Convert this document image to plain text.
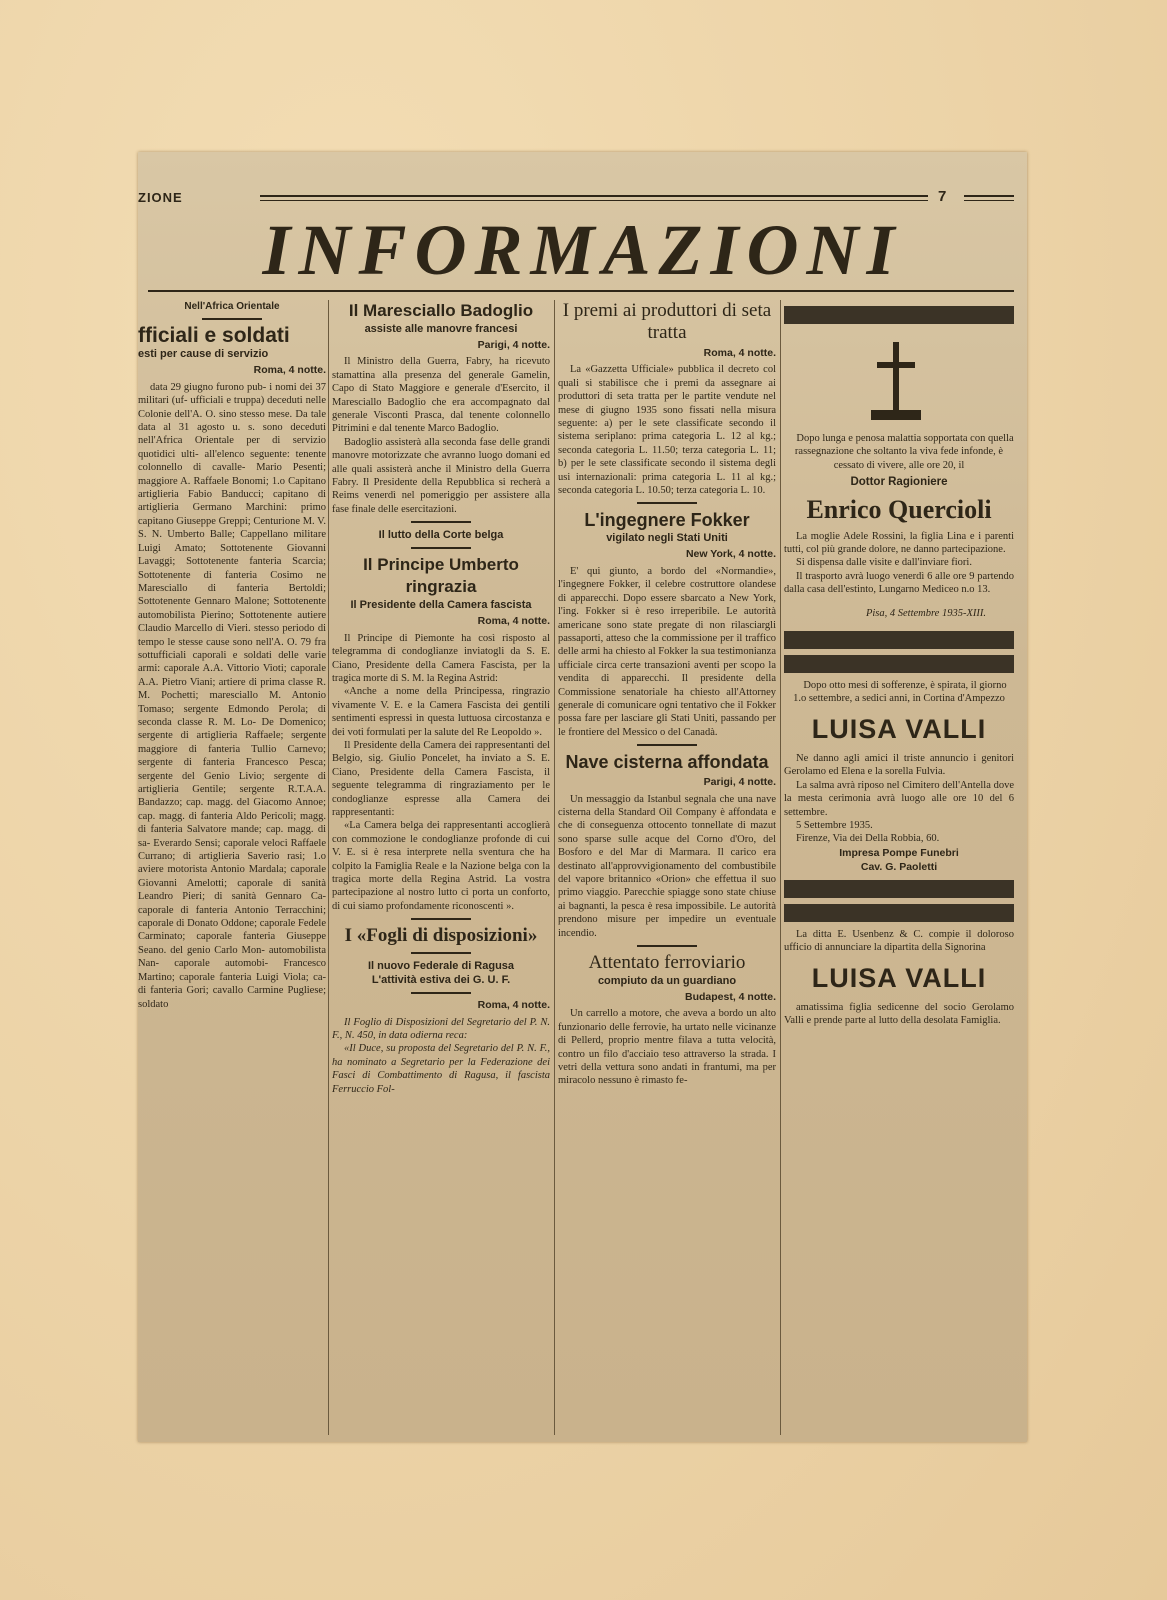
ZIONE	7
INFORMAZIONI
Nell'Africa Orientale
fficiali e soldati
esti per cause di servizio
Roma, 4 notte.

data 29 giugno furono pub- i nomi dei 37 militari (uf- ufficiali e truppa) deceduti nelle Colonie dell'A. O. sino stesso mese. Da tale data al 31 agosto u. s. sono deceduti nell'Africa Orientale per di servizio quotidici ulti- all'elenco seguente: tenente colonnello di cavalle- Mario Pesenti; maggiore A. Raffaele Bonomi; 1.o Capitano artiglieria Fabio Banducci; capitano di artiglieria Germano Marchini: primo capitano Giuseppe Greppi; Centurione M. V. S. N. Umberto Balle; Cappellano militare Luigi Amato; Sottotenente Giovanni Lavaggi; Sottotenente fanteria Scarcia; Sottotenente di fanteria Cosimo ne Maresciallo di fanteria Bertoldi; Sottotenente Gennaro Malone; Sottotenente automobilista Pierino; Sottotenente autiere Claudio Marcello di Vieri. stesso periodo di tempo le stesse cause sono nell'A. O. 79 fra sottufficiali caporali e soldati delle varie armi: caporale A.A. Vittorio Vioti; caporale A.A. Pietro Viani; artiere di prima classe R. M. Pochetti; maresciallo M. Antonio Tomaso; sergente Edmondo Perola; di seconda classe R. M. Lo- De Domenico; sergente di artiglieria Raffaele; sergente maggiore di fanteria Tullio Carnevo; sergente di fanteria Francesco Pesca; sergente del Genio Livio; sergente di artiglieria Gentile; sergente R.T.A.A. Bandazzo; cap. magg. del Giacomo Annoe; cap. magg. di fanteria Aldo Pericoli; magg. di fanteria Salvatore mande; cap. magg. di sa- Everardo Sensi; caporale veloci Raffaele Currano; di artiglieria Saverio rasi; 1.o aviere motorista Antonio Mardala; caporale Giovanni Amelotti; caporale di sanità Leandro Pieri; di sanità Gennaro Ca- caporale di fanteria Antonio Terracchini; caporale di Donato Oddone; caporale Fedele Carminato; caporale fanteria Giuseppe Seano. del genio Carlo Mon- automobilista Nan- caporale automobi- Francesco Martino; caporale fanteria Luigi Viola; ca- di fanteria Gori; cavallo Carmine Pugliese; soldato

Il Maresciallo Badoglio
assiste alle manovre francesi
Parigi, 4 notte.

Il Ministro della Guerra, Fabry, ha ricevuto stamattina alla presenza del generale Gamelin, Capo di Stato Maggiore e generale d'Esercito, il Maresciallo Badoglio che era accompagnato dal generale Visconti Prasca, dal tenente colonnello Pitrimini e dal tenente Marco Badoglio.

Badoglio assisterà alla seconda fase delle grandi manovre motorizzate che avranno luogo domani ed alle quali assisterà anche il Ministro della Guerra Fabry. Il Presidente della Repubblica si recherà a Reims venerdì nel pomeriggio per assistere alla fase finale delle esercitazioni.

Il lutto della Corte belga
Il Principe Umberto ringrazia
Il Presidente della Camera fascista
Roma, 4 notte.

Il Principe di Piemonte ha così risposto al telegramma di condoglianze inviatogli da S. E. Ciano, Presidente della Camera Fascista, per la tragica morte di S. M. la Regina Astrid:

«Anche a nome della Principessa, ringrazio vivamente V. E. e la Camera Fascista dei gentili sentimenti espressi in questa luttuosa circostanza e dei voti formulati per la salute del Re Leopoldo ».

Il Presidente della Camera dei rappresentanti del Belgio, sig. Giulio Poncelet, ha inviato a S. E. Ciano, Presidente della Camera Fascista, il seguente telegramma di ringraziamento per le condoglianze espresse alla Camera dei rappresentanti:

«La Camera belga dei rappresentanti accoglierà con commozione le condoglianze profonde di cui V. E. si è resa interprete nella sventura che ha colpito la Famiglia Reale e la Nazione belga con la tragica morte della Regina Astrid. La vostra partecipazione al nostro lutto ci porta un conforto, di cui siamo profondamente riconoscenti ».

I «Fogli di disposizioni»
Il nuovo Federale di Ragusa
L'attività estiva dei G. U. F.
Roma, 4 notte.

Il Foglio di Disposizioni del Segretario del P. N. F., N. 450, in data odierna reca:

«Il Duce, su proposta del Segretario del P. N. F., ha nominato a Segretario per la Federazione dei Fasci di Combattimento di Ragusa, il fascista Ferruccio Fol-

I premi ai produttori di seta tratta
Roma, 4 notte.

La «Gazzetta Ufficiale» pubblica il decreto col quali si stabilisce che i premi da assegnare ai produttori di seta tratta per le partite vendute nel mese di giugno 1935 sono fissati nella misura seguente: a) per le sete classificate secondo il sistema seriplano: prima categoria L. 12 al kg.; seconda categoria L. 11.50; terza categoria L. 11; b) per le sete classificate secondo il sistema degli usi internazionali: prima categoria L. 11 al kg.; seconda categoria L. 10.50; terza categoria L. 10.

L'ingegnere Fokker
vigilato negli Stati Uniti
New York, 4 notte.

E' qui giunto, a bordo del «Normandie», l'ingegnere Fokker, il celebre costruttore olandese di apparecchi. Dopo essere sbarcato a New York, l'ing. Fokker si è reso irreperibile. Le autorità americane sono state pregate di non rilasciargli passaporti, atteso che la commissione per il traffico delle armi ha chiesto al Fokker la sua testimonianza ufficiale circa certe transazioni aventi per scopo la vendita di apparecchi. Il presidente della Commissione senatoriale ha chiesto all'Attorney generale di comunicare ogni tentativo che il Fokker possa fare per lasciare gli Stati Uniti, passando per le frontiere del Messico o del Canadà.

Nave cisterna affondata
Parigi, 4 notte.

Un messaggio da Istanbul segnala che una nave cisterna della Standard Oil Company è affondata e che di conseguenza ottocento tonnellate di mazut sono sparse sulle acque del Corno d'Oro, del Bosforo e del Mar di Marmara. Il carico era destinato all'approvvigionamento del combustibile del vapore britannico «Orion» che effettua il suo primo viaggio. Parecchie spiagge sono state chiuse ai bagnanti, la pesca è resa impossibile. Le autorità prendono misure per impedire un eventuale incendio.

Attentato ferroviario
compiuto da un guardiano
Budapest, 4 notte.

Un carrello a motore, che aveva a bordo un alto funzionario delle ferrovie, ha urtato nelle vicinanze di Pellerd, proprio mentre filava a tutta velocità, contro un filo d'acciaio teso attraverso la strada. I vetri della vettura sono andati in frantumi, ma per miracolo nessuno è rimasto fe-

Dopo lunga e penosa malattia sopportata con quella rassegnazione che soltanto la viva fede infonde, è cessato di vivere, alle ore 20, il

Dottor Ragioniere
Enrico Quercioli

La moglie Adele Rossini, la figlia Lina e i parenti tutti, col più grande dolore, ne danno partecipazione.

Si dispensa dalle visite e dall'inviare fiori.

Il trasporto avrà luogo venerdì 6 alle ore 9 partendo dalla casa dell'estinto, Lungarno Mediceo n.o 13.

Pisa, 4 Settembre 1935-XIII.

Dopo otto mesi di sofferenze, è spirata, il giorno 1.o settembre, a sedici anni, in Cortina d'Ampezzo

LUISA VALLI

Ne danno agli amici il triste annuncio i genitori Gerolamo ed Elena e la sorella Fulvia.

La salma avrà riposo nel Cimitero dell'Antella dove la mesta cerimonia avrà luogo alle ore 10 del 6 settembre.

5 Settembre 1935.

Firenze, Via dei Della Robbia, 60.

Impresa Pompe Funebri
Cav. G. Paoletti

La ditta E. Usenbenz & C. compie il doloroso ufficio di annunciare la dipartita della Signorina

LUISA VALLI

amatissima figlia sedicenne del socio Gerolamo Valli e prende parte al lutto della desolata Famiglia.
